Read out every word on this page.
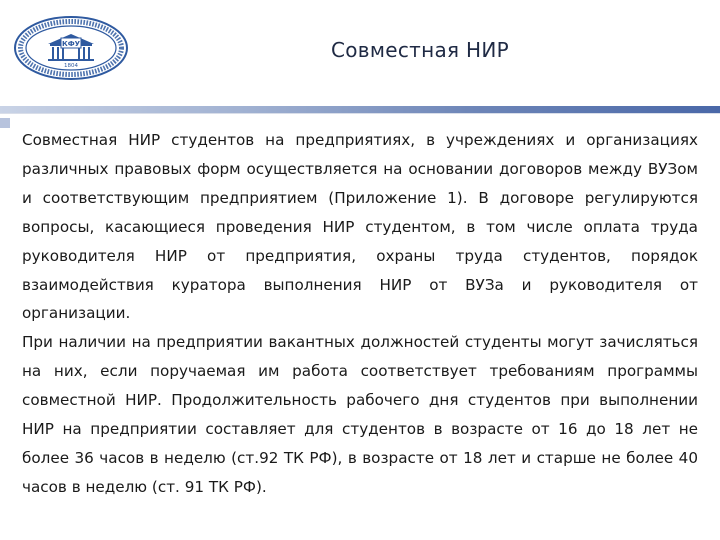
КФУ
1804
Совместная НИР

Совместная НИР студентов на предприятиях, в учреждениях и организациях различных правовых форм осуществляется на основании договоров между ВУЗом и соответствующим предприятием (Приложение 1). В договоре регулируются вопросы, касающиеся проведения НИР студентом, в том числе оплата труда руководителя НИР от предприятия, охраны труда студентов, порядок взаимодействия куратора выполнения НИР от ВУЗа и руководителя от организации.

При наличии на предприятии вакантных должностей студенты могут зачисляться на них, если поручаемая им работа соответствует требованиям программы совместной НИР. Продолжительность рабочего дня студентов при выполнении НИР на предприятии составляет для студентов в возрасте от 16 до 18 лет не более 36 часов в неделю (ст.92 ТК РФ), в возрасте от 18 лет и старше не более 40 часов в неделю (ст. 91 ТК РФ).
